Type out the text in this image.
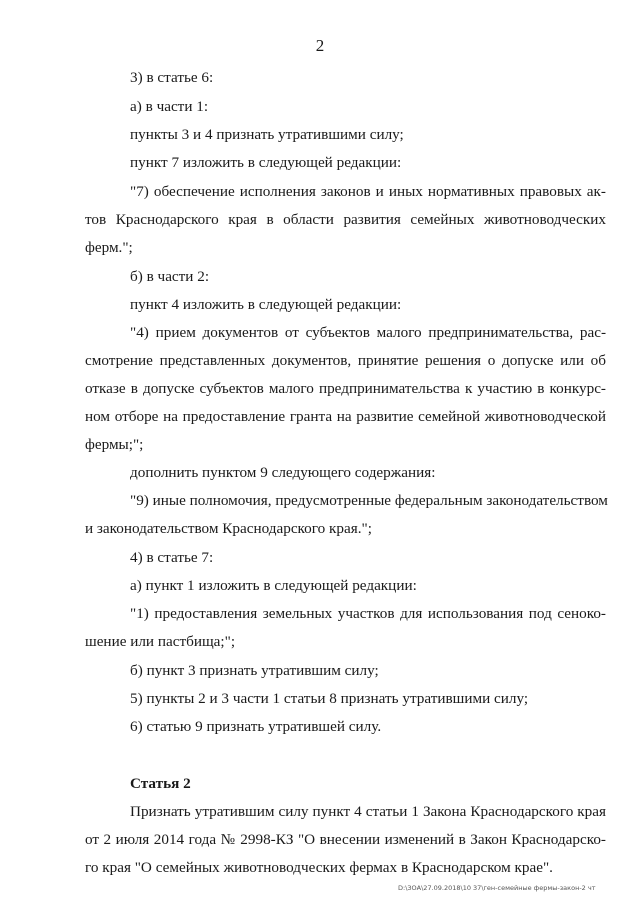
2
3) в статье 6:
а) в части 1:
пункты 3 и 4 признать утратившими силу;
пункт 7 изложить в следующей редакции:
"7) обеспечение исполнения законов и иных нормативных правовых ак-
тов Краснодарского края в области развития семейных животноводческих
ферм.";
б) в части 2:
пункт 4 изложить в следующей редакции:
"4) прием документов от субъектов малого предпринимательства, рас-
смотрение представленных документов, принятие решения о допуске или об
отказе в допуске субъектов малого предпринимательства к участию в конкурс-
ном отборе на предоставление гранта на развитие семейной животноводческой
фермы;";
дополнить пунктом 9 следующего содержания:
"9) иные полномочия, предусмотренные федеральным законодательством
и законодательством Краснодарского края.";
4) в статье 7:
а) пункт 1 изложить в следующей редакции:
"1) предоставления земельных участков для использования под сеноко-
шение или пастбища;";
б) пункт 3 признать утратившим силу;
5) пункты 2 и 3 части 1 статьи 8 признать утратившими силу;
6) статью 9 признать утратившей силу.
Статья 2
Признать утратившим силу пункт 4 статьи 1 Закона Краснодарского края
от 2 июля 2014 года № 2998-КЗ "О внесении изменений в Закон Краснодарско-
го края "О семейных животноводческих фермах в Краснодарском крае".
D:\ЗОА\27.09.2018\10 37\ген-семейные фермы-закон-2 чт
